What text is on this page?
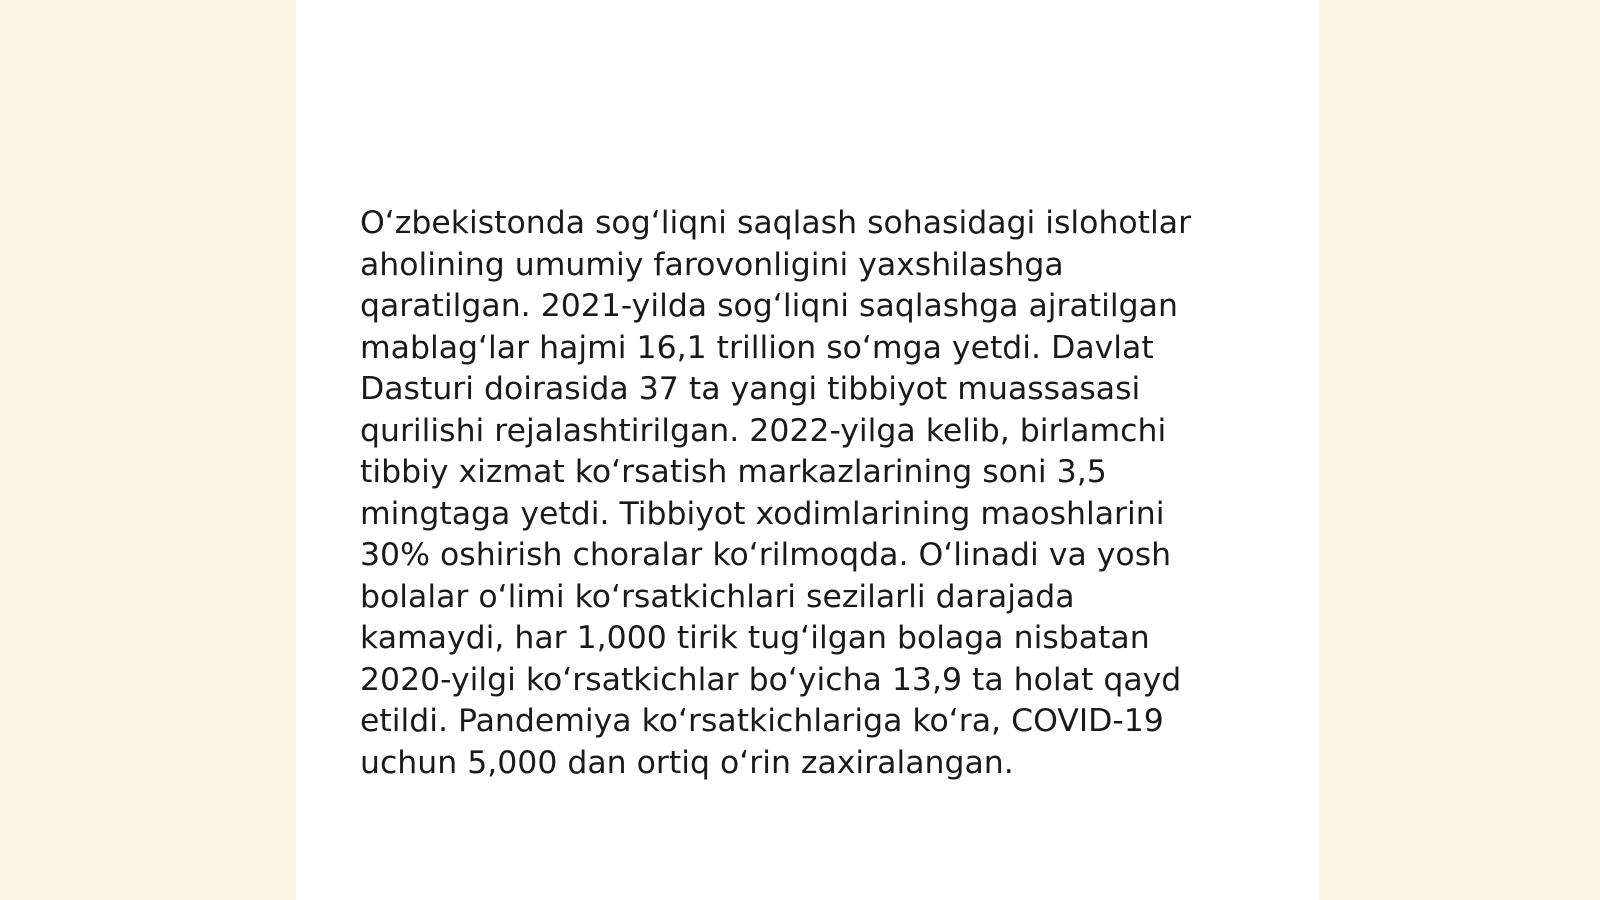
O‘zbekistonda sog‘liqni saqlash sohasidagi islohotlar
aholining umumiy farovonligini yaxshilashga
qaratilgan. 2021-yilda sog‘liqni saqlashga ajratilgan
mablag‘lar hajmi 16,1 trillion so‘mga yetdi. Davlat
Dasturi doirasida 37 ta yangi tibbiyot muassasasi
qurilishi rejalashtirilgan. 2022-yilga kelib, birlamchi
tibbiy xizmat ko‘rsatish markazlarining soni 3,5
mingtaga yetdi. Tibbiyot xodimlarining maoshlarini
30% oshirish choralar ko‘rilmoqda. O‘linadi va yosh
bolalar o‘limi ko‘rsatkichlari sezilarli darajada
kamaydi, har 1,000 tirik tug‘ilgan bolaga nisbatan
2020-yilgi ko‘rsatkichlar bo‘yicha 13,9 ta holat qayd
etildi. Pandemiya ko‘rsatkichlariga ko‘ra, COVID-19
uchun 5,000 dan ortiq o‘rin zaxiralangan.
